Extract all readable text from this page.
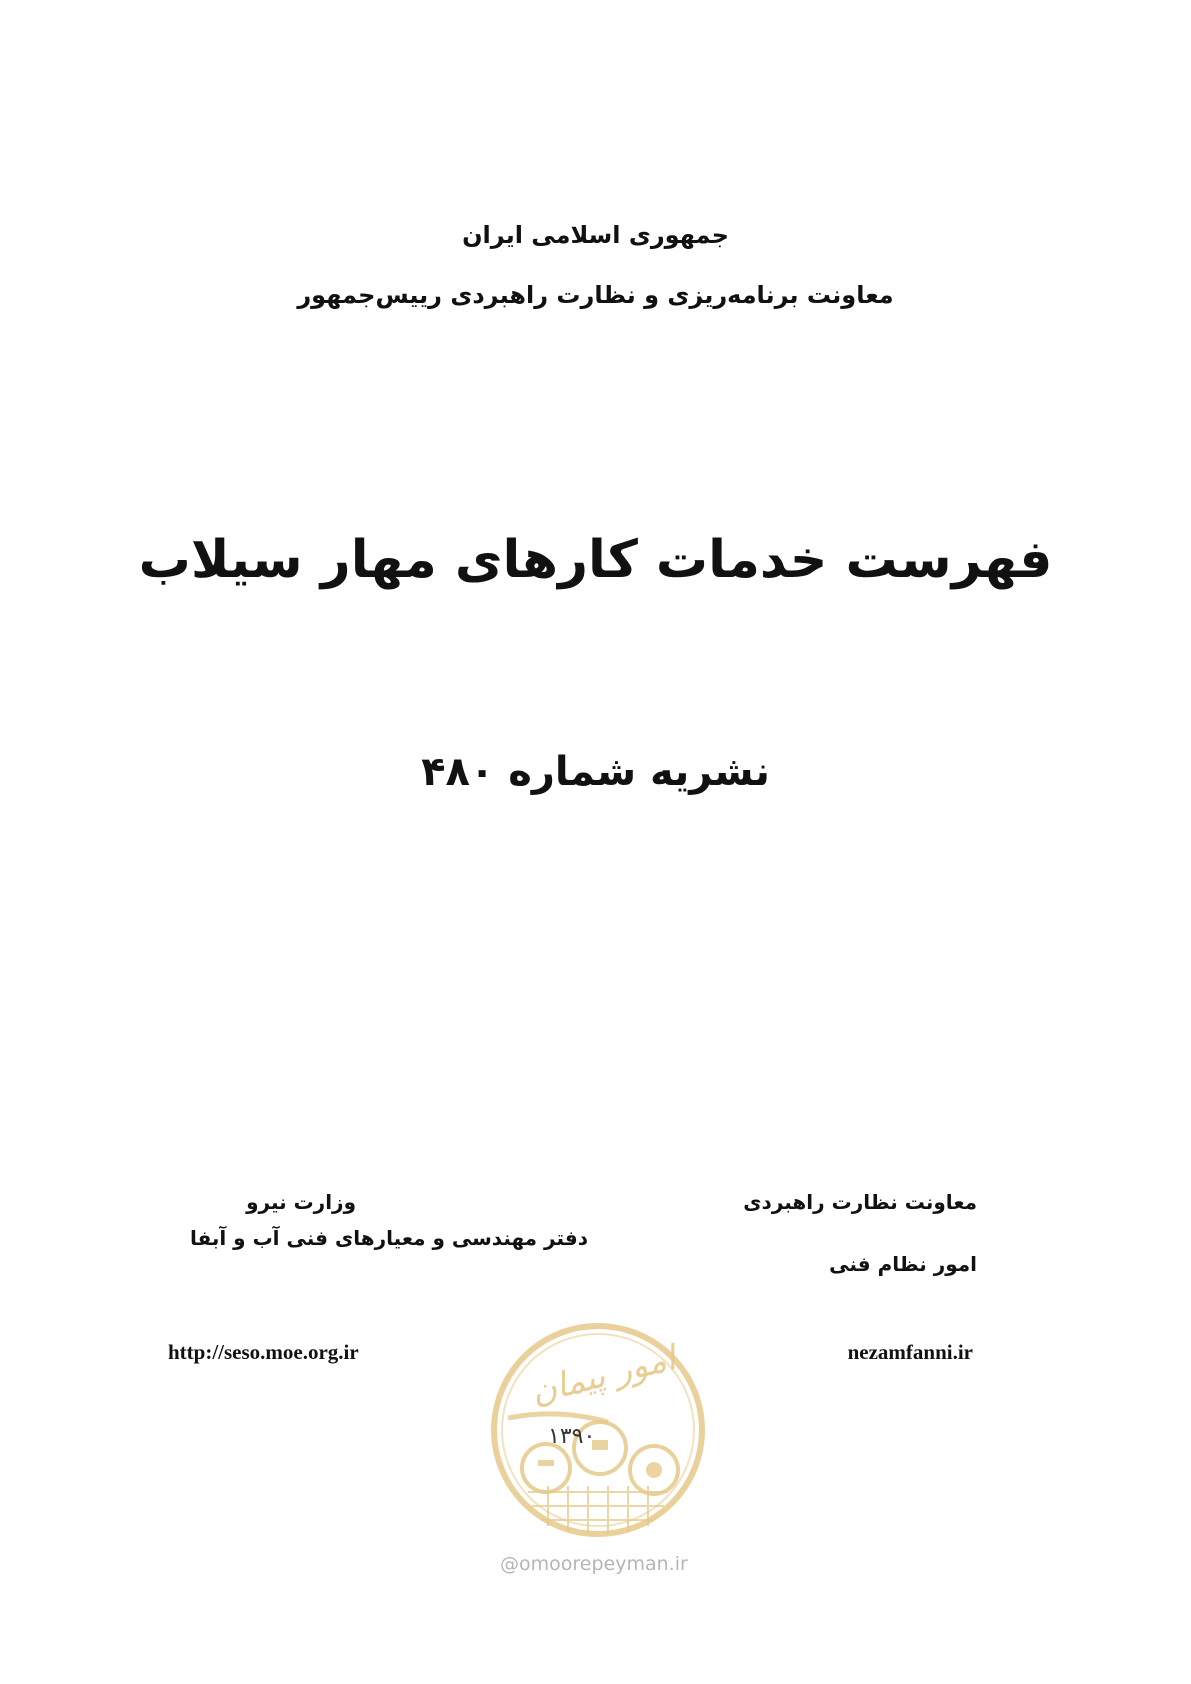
جمهوری اسلامی ایران

معاونت برنامه‌ریزی و نظارت راهبردی رییس‌جمهور

فهرست خدمات کارهای مهار سیلاب
نشریه شماره ۴۸۰

معاونت نظارت راهبردی

امور نظام فنی

وزارت نیرو

دفتر مهندسی و معیارهای فنی آب و آبفا

http://seso.moe.org.ir	nezamfanni.ir

امور پیمان
۱۳۹۰
@omoorepeyman.ir
